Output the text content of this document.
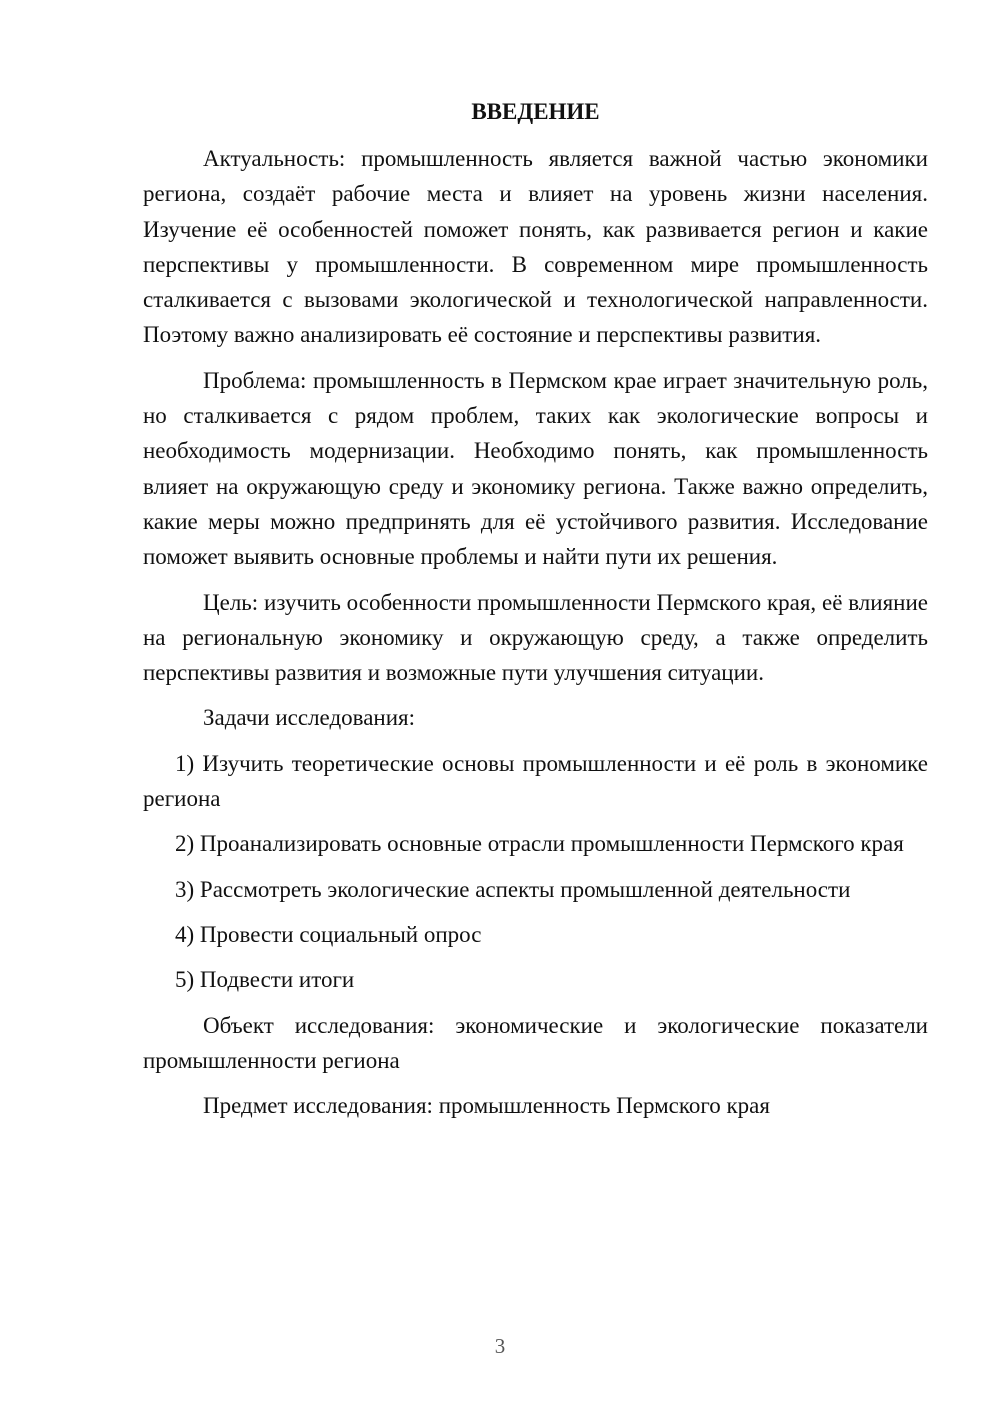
ВВЕДЕНИЕ

Актуальность: промышленность является важной частью экономики региона, создаёт рабочие места и влияет на уровень жизни населения. Изучение её особенностей поможет понять, как развивается регион и какие перспективы у промышленности. В современном мире промышленность сталкивается с вызовами экологической и технологической направленности. Поэтому важно анализировать её состояние и перспективы развития.

Проблема: промышленность в Пермском крае играет значительную роль, но сталкивается с рядом проблем, таких как экологические вопросы и необходимость модернизации. Необходимо понять, как промышленность влияет на окружающую среду и экономику региона. Также важно определить, какие меры можно предпринять для её устойчивого развития. Исследование поможет выявить основные проблемы и найти пути их решения.

Цель: изучить особенности промышленности Пермского края, её влияние на региональную экономику и окружающую среду, а также определить перспективы развития и возможные пути улучшения ситуации.

Задачи исследования:

1) Изучить теоретические основы промышленности и её роль в экономике региона

2) Проанализировать основные отрасли промышленности Пермского края

3) Рассмотреть экологические аспекты промышленной деятельности

4) Провести социальный опрос

5) Подвести итоги

Объект исследования: экономические и экологические показатели промышленности региона

Предмет исследования: промышленность Пермского края

3
